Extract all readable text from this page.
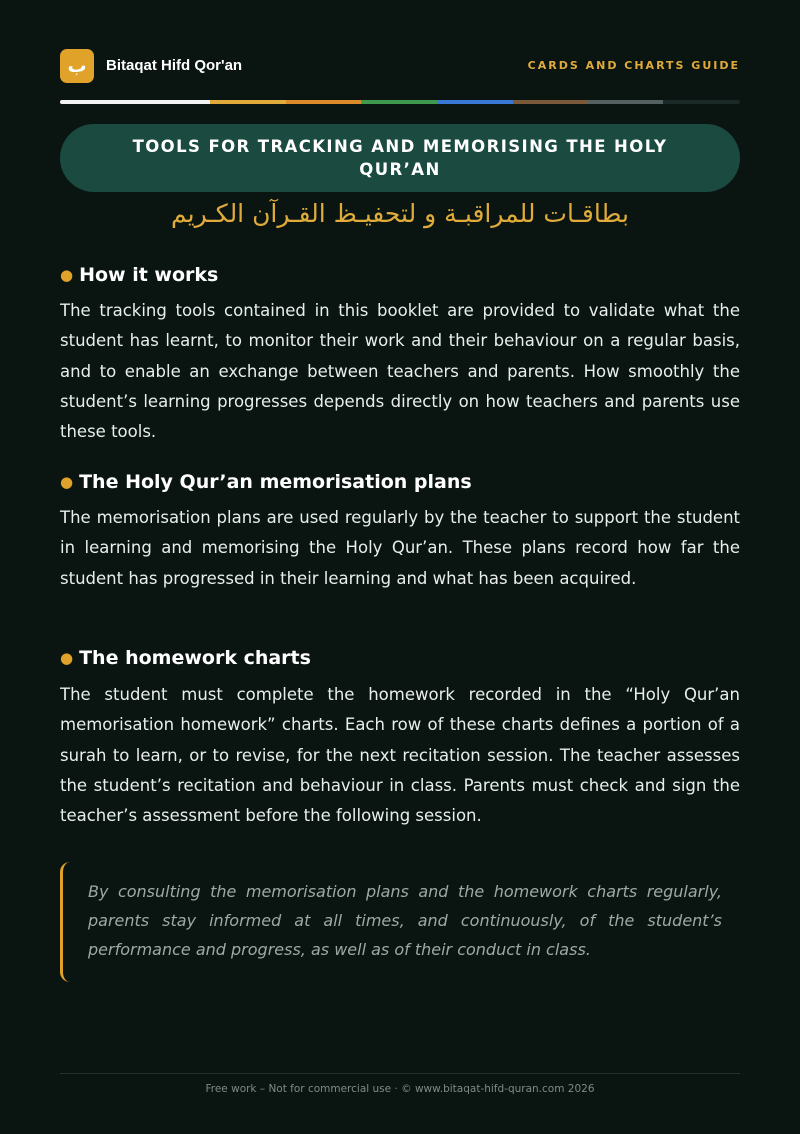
ب	Bitaqat Hifd Qor'an	CARDS AND CHARTS GUIDE
TOOLS FOR TRACKING AND MEMORISING THE HOLY QUR’AN
بطاقـات للمراقبـة و لتحفيـظ القـرآن الكـريم
● How it works
The tracking tools contained in this booklet are provided to validate what the student has learnt, to monitor their work and their behaviour on a regular basis, and to enable an exchange between teachers and parents. How smoothly the student’s learning progresses depends directly on how teachers and parents use these tools.
● The Holy Qur’an memorisation plans
The memorisation plans are used regularly by the teacher to support the student in learning and memorising the Holy Qur’an. These plans record how far the student has progressed in their learning and what has been acquired.
● The homework charts
The student must complete the homework recorded in the “Holy Qur’an memorisation homework” charts. Each row of these charts defines a portion of a surah to learn, or to revise, for the next recitation session. The teacher assesses the student’s recitation and behaviour in class. Parents must check and sign the teacher’s assessment before the following session.
By consulting the memorisation plans and the homework charts regularly, parents stay informed at all times, and continuously, of the student’s performance and progress, as well as of their conduct in class.
Free work – Not for commercial use · © www.bitaqat-hifd-quran.com 2026
